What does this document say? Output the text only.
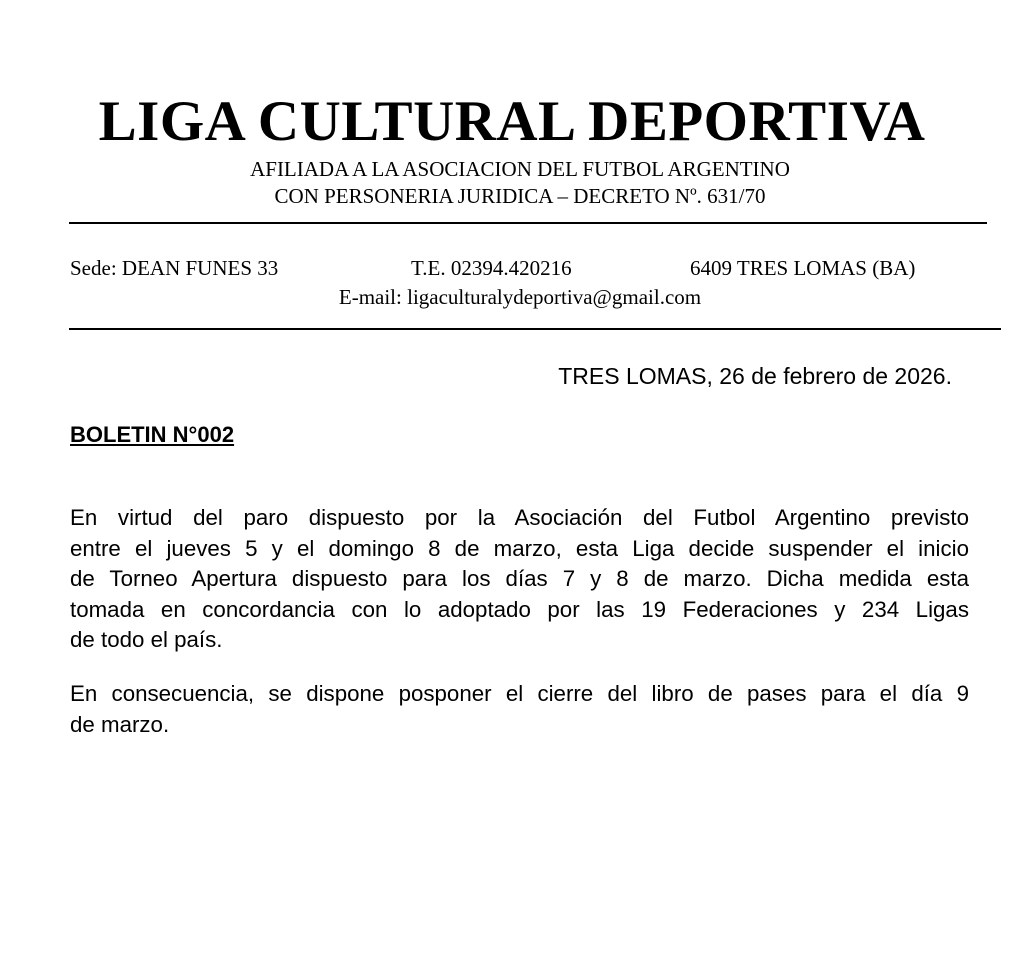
LIGA CULTURAL DEPORTIVA
AFILIADA A LA ASOCIACION DEL FUTBOL ARGENTINO
CON PERSONERIA JURIDICA – DECRETO Nº. 631/70
Sede: DEAN FUNES 33	T.E. 02394.420216	6409 TRES LOMAS (BA)
E-mail: ligaculturalydeportiva@gmail.com
TRES LOMAS, 26 de febrero de 2026.
BOLETIN N°002
En virtud del paro dispuesto por la Asociación del Futbol Argentino previsto
entre el jueves 5 y el domingo 8 de marzo, esta Liga decide suspender el inicio
de Torneo Apertura dispuesto para los días 7 y 8 de marzo. Dicha medida esta
tomada en concordancia con lo adoptado por las 19 Federaciones y 234 Ligas
de todo el país.
En consecuencia, se dispone posponer el cierre del libro de pases para el día 9
de marzo.
